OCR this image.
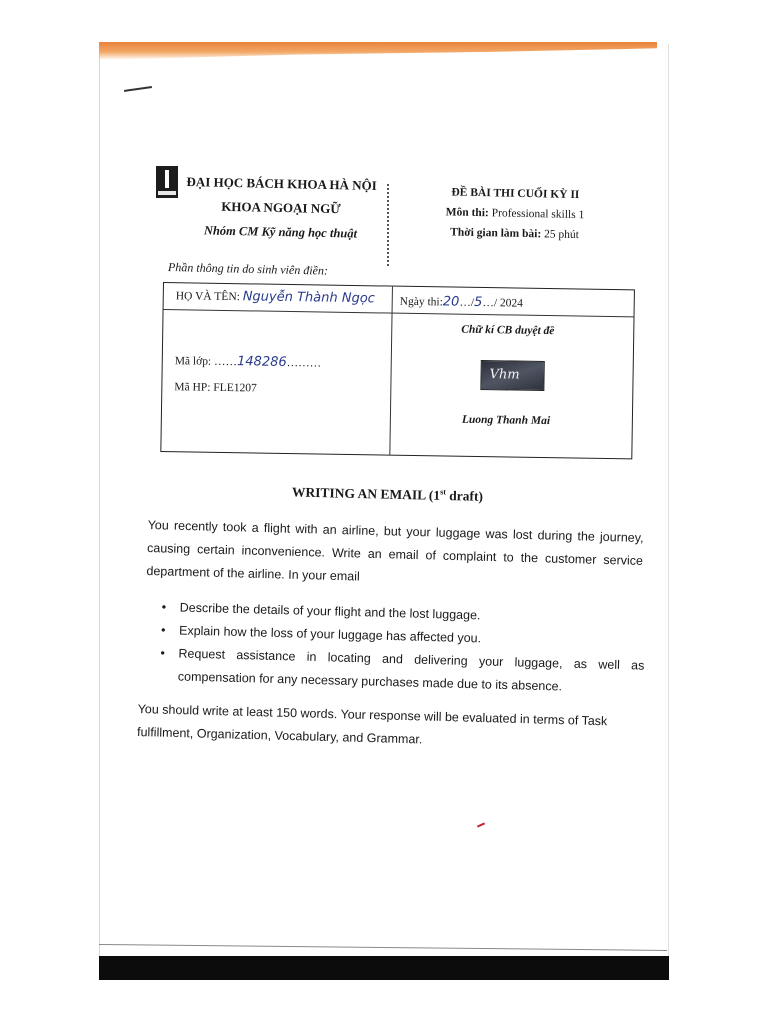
ĐẠI HỌC BÁCH KHOA HÀ NỘI
KHOA NGOẠI NGỮ
Nhóm CM Kỹ năng học thuật
ĐỀ BÀI THI CUỐI KỲ II
Môn thi: Professional skills 1
Thời gian làm bài: 25 phút
Phần thông tin do sinh viên điền:
HỌ VÀ TÊN: Nguyễn Thành Ngọc Ngày thi:20…/5…/ 2024
Chữ kí CB duyệt đề
Mã lớp: ……148286………
Mã HP: FLE1207
Vhm
Luong Thanh Mai
WRITING AN EMAIL (1st draft)
You recently took a flight with an airline, but your luggage was lost during the journey, causing certain inconvenience. Write an email of complaint to the customer service department of the airline. In your email
• Describe the details of your flight and the lost luggage.
• Explain how the loss of your luggage has affected you.
• Request assistance in locating and delivering your luggage, as well as compensation for any necessary purchases made due to its absence.
You should write at least 150 words. Your response will be evaluated in terms of Task fulfillment, Organization, Vocabulary, and Grammar.
